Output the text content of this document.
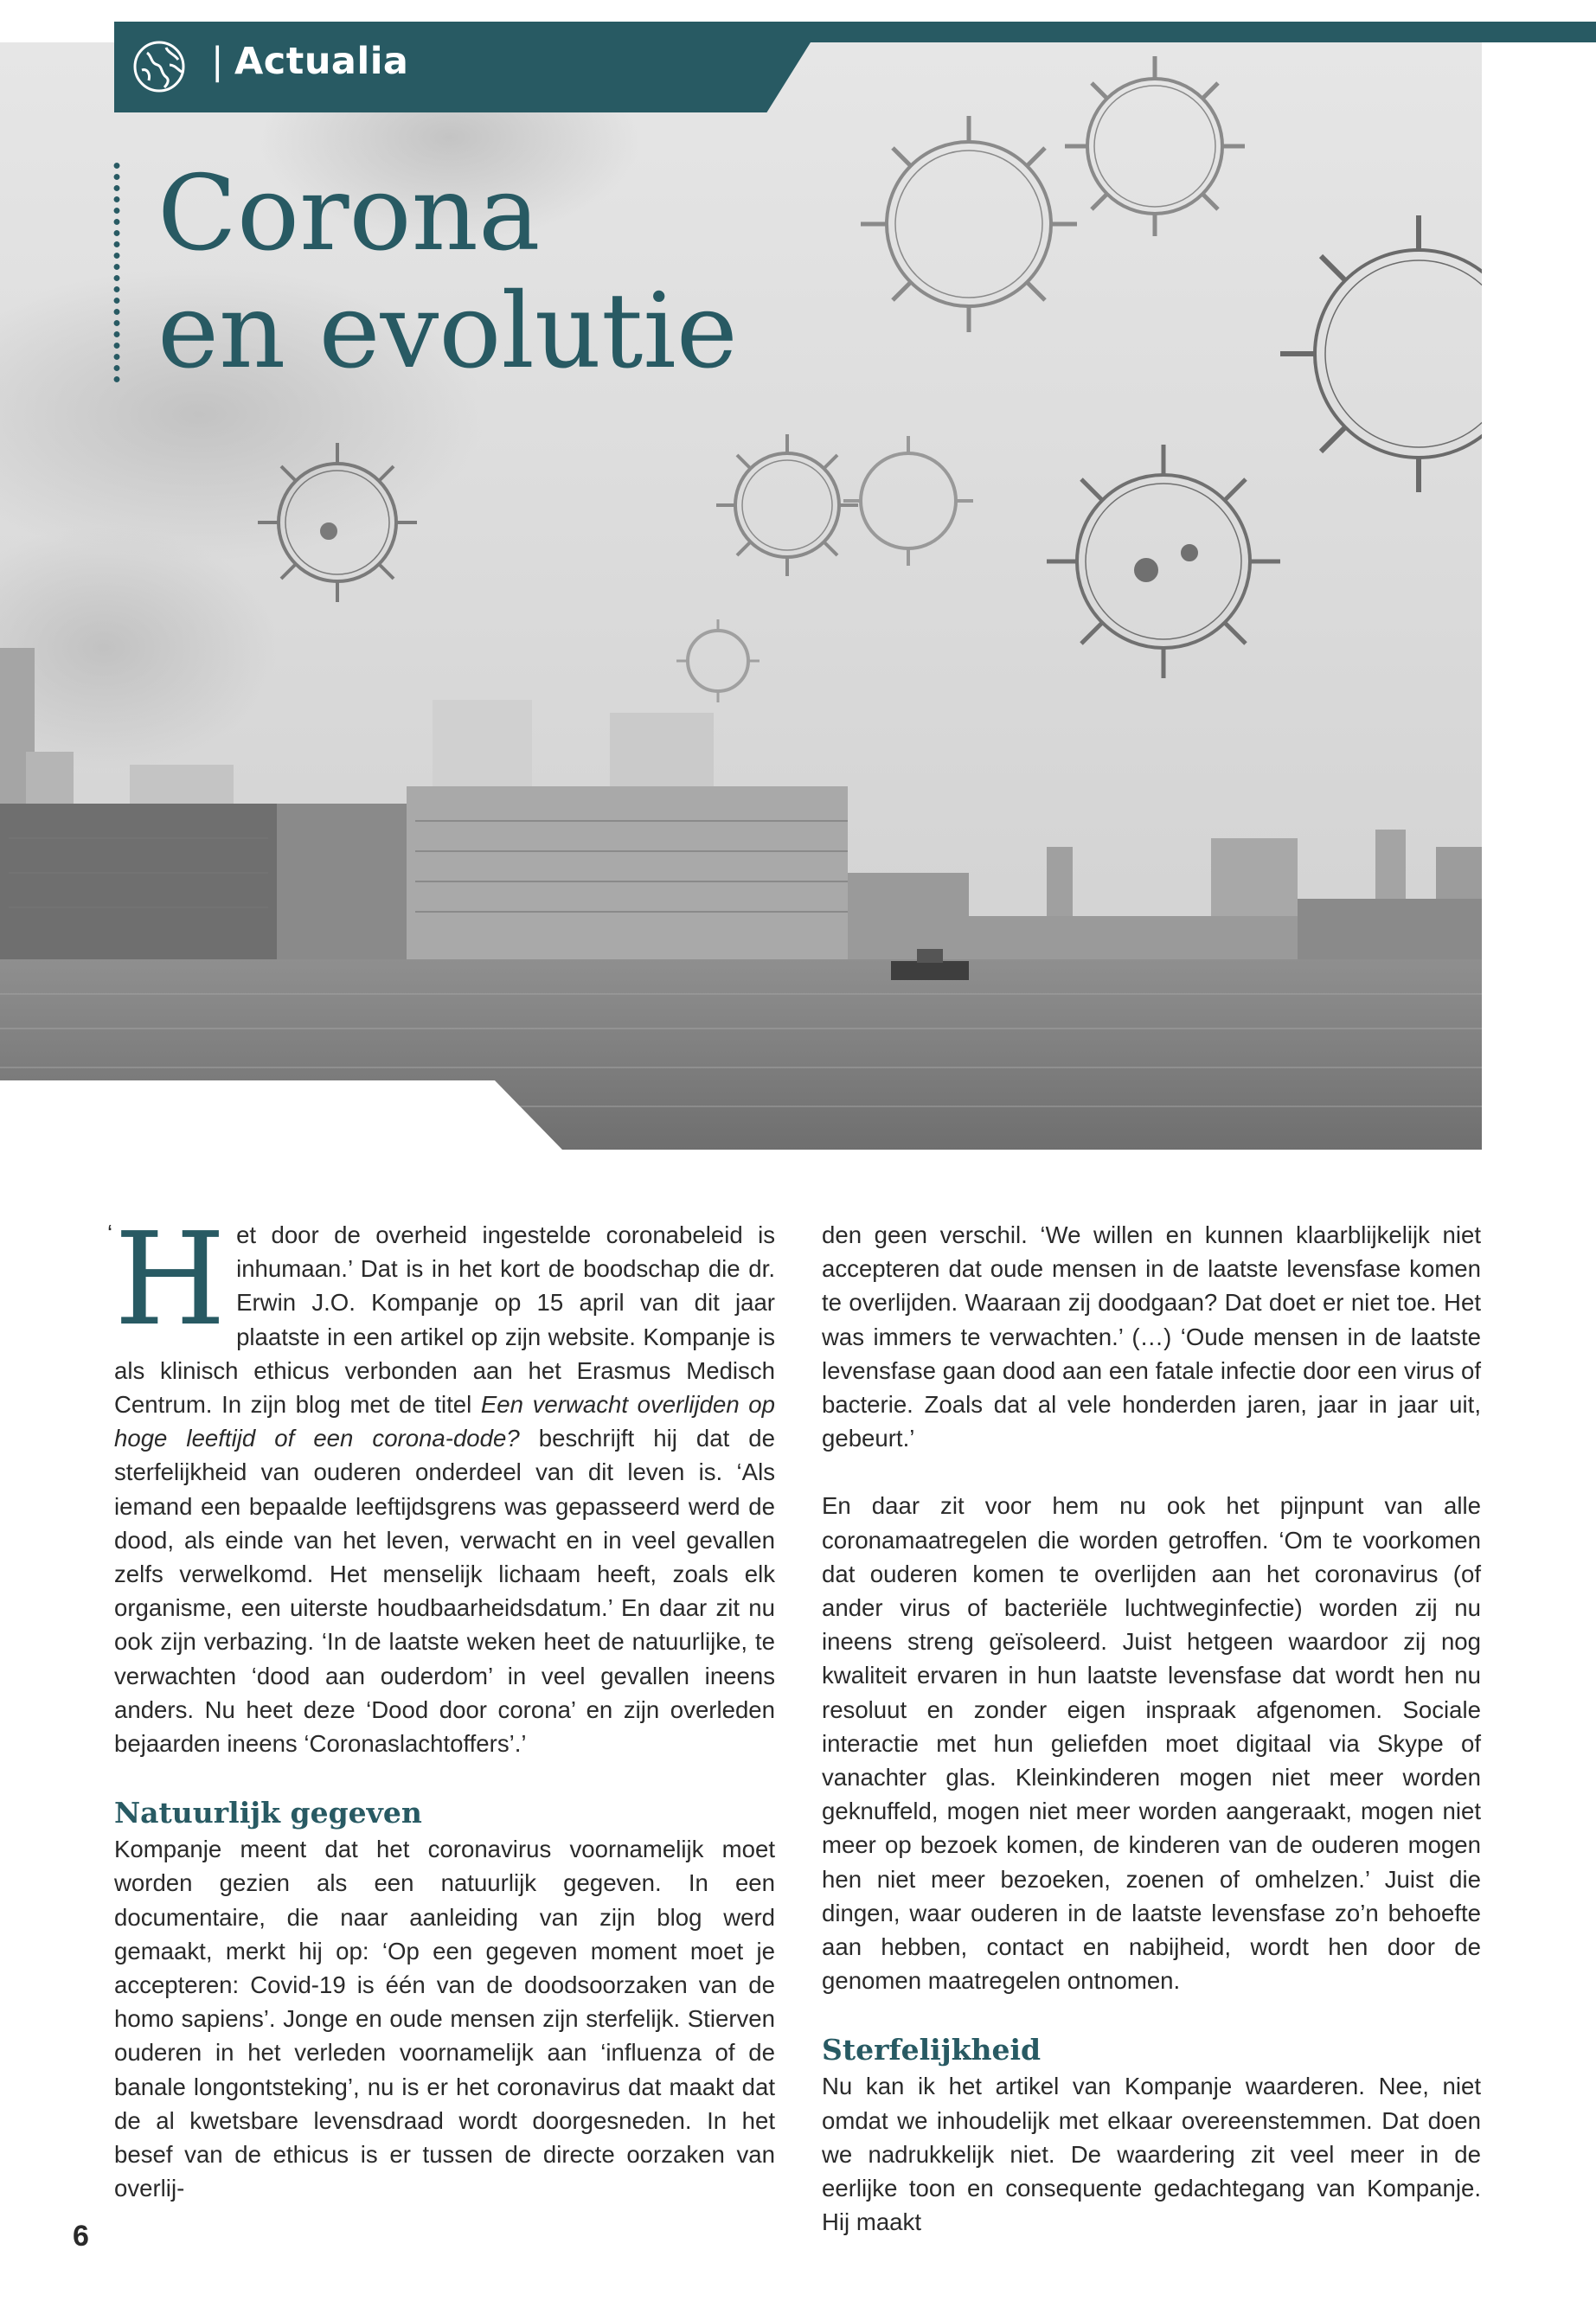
| Actualia
Corona
en evolutie
‘ Het door de overheid ingestelde coronabeleid is inhumaan.’ Dat is in het kort de boodschap die dr. Erwin J.O. Kompanje op 15 april van dit jaar plaatste in een artikel op zijn website. Kompanje is als klinisch ethicus verbonden aan het Erasmus Medisch Centrum. In zijn blog met de titel Een verwacht overlijden op hoge leeftijd of een corona-dode? beschrijft hij dat de sterfelijkheid van ouderen onderdeel van dit leven is. ‘Als iemand een bepaalde leeftijdsgrens was gepasseerd werd de dood, als einde van het leven, verwacht en in veel gevallen zelfs verwelkomd. Het menselijk lichaam heeft, zoals elk organisme, een uiterste houdbaarheidsdatum.’ En daar zit nu ook zijn verbazing. ‘In de laatste weken heet de natuurlijke, te verwachten ‘dood aan ouderdom’ in veel gevallen ineens anders. Nu heet deze ‘Dood door corona’ en zijn overleden bejaarden ineens ‘Coronaslachtoffers’.’

Natuurlijk gegeven

Kompanje meent dat het coronavirus voornamelijk moet worden gezien als een natuurlijk gegeven. In een documentaire, die naar aanleiding van zijn blog werd gemaakt, merkt hij op: ‘Op een gegeven moment moet je accepteren: Covid-19 is één van de doodsoorzaken van de homo sapiens’. Jonge en oude mensen zijn sterfelijk. Stierven ouderen in het verleden voornamelijk aan ‘influenza of de banale longontsteking’, nu is er het coronavirus dat maakt dat de al kwetsbare levensdraad wordt doorgesneden. In het besef van de ethicus is er tussen de directe oorzaken van overlij-

den geen verschil. ‘We willen en kunnen klaarblijkelijk niet accepteren dat oude mensen in de laatste levensfase komen te overlijden. Waaraan zij doodgaan? Dat doet er niet toe. Het was immers te verwachten.’ (…) ‘Oude mensen in de laatste levensfase gaan dood aan een fatale infectie door een virus of bacterie. Zoals dat al vele honderden jaren, jaar in jaar uit, gebeurt.’

En daar zit voor hem nu ook het pijnpunt van alle coronamaatregelen die worden getroffen. ‘Om te voorkomen dat ouderen komen te overlijden aan het coronavirus (of ander virus of bacteriële luchtweginfectie) worden zij nu ineens streng geïsoleerd. Juist hetgeen waardoor zij nog kwaliteit ervaren in hun laatste levensfase dat wordt hen nu resoluut en zonder eigen inspraak afgenomen. Sociale interactie met hun geliefden moet digitaal via Skype of vanachter glas. Kleinkinderen mogen niet meer worden geknuffeld, mogen niet meer worden aangeraakt, mogen niet meer op bezoek komen, de kinderen van de ouderen mogen hen niet meer bezoeken, zoenen of omhelzen.’ Juist die dingen, waar ouderen in de laatste levensfase zo’n behoefte aan hebben, contact en nabijheid, wordt hen door de genomen maatregelen ontnomen.

Sterfelijkheid

Nu kan ik het artikel van Kompanje waarderen. Nee, niet omdat we inhoudelijk met elkaar overeenstemmen. Dat doen we nadrukkelijk niet. De waardering zit veel meer in de eerlijke toon en consequente gedachtegang van Kompanje. Hij maakt

6
